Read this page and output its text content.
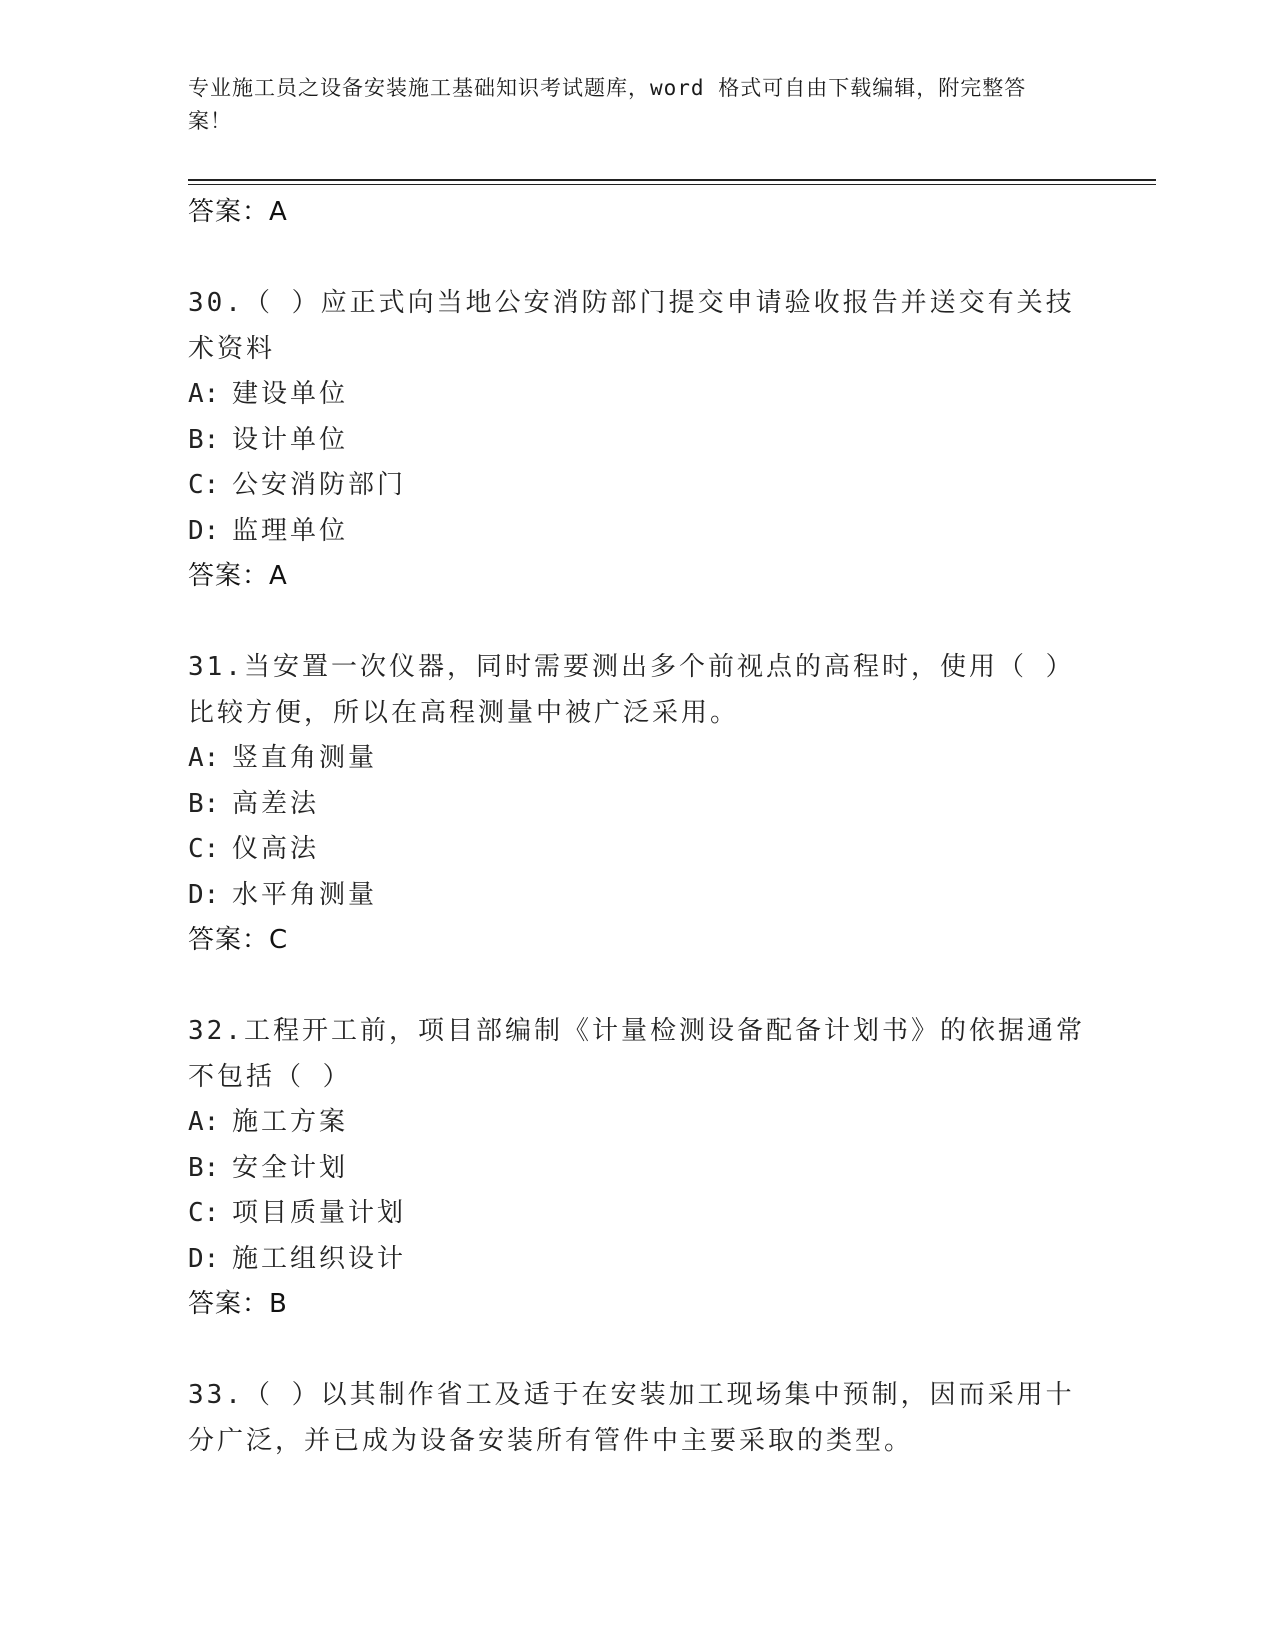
专业施工员之设备安装施工基础知识考试题库，word 格式可自由下载编辑，附完整答案！
答案：A
30.（ ）应正式向当地公安消防部门提交申请验收报告并送交有关技术资料
A: 建设单位
B: 设计单位
C: 公安消防部门
D: 监理单位
答案：A
31.当安置一次仪器，同时需要测出多个前视点的高程时，使用（ ）比较方便，所以在高程测量中被广泛采用。
A: 竖直角测量
B: 高差法
C: 仪高法
D: 水平角测量
答案：C
32.工程开工前，项目部编制《计量检测设备配备计划书》的依据通常不包括（ ）
A: 施工方案
B: 安全计划
C: 项目质量计划
D: 施工组织设计
答案：B
33.（ ）以其制作省工及适于在安装加工现场集中预制，因而采用十分广泛，并已成为设备安装所有管件中主要采取的类型。
